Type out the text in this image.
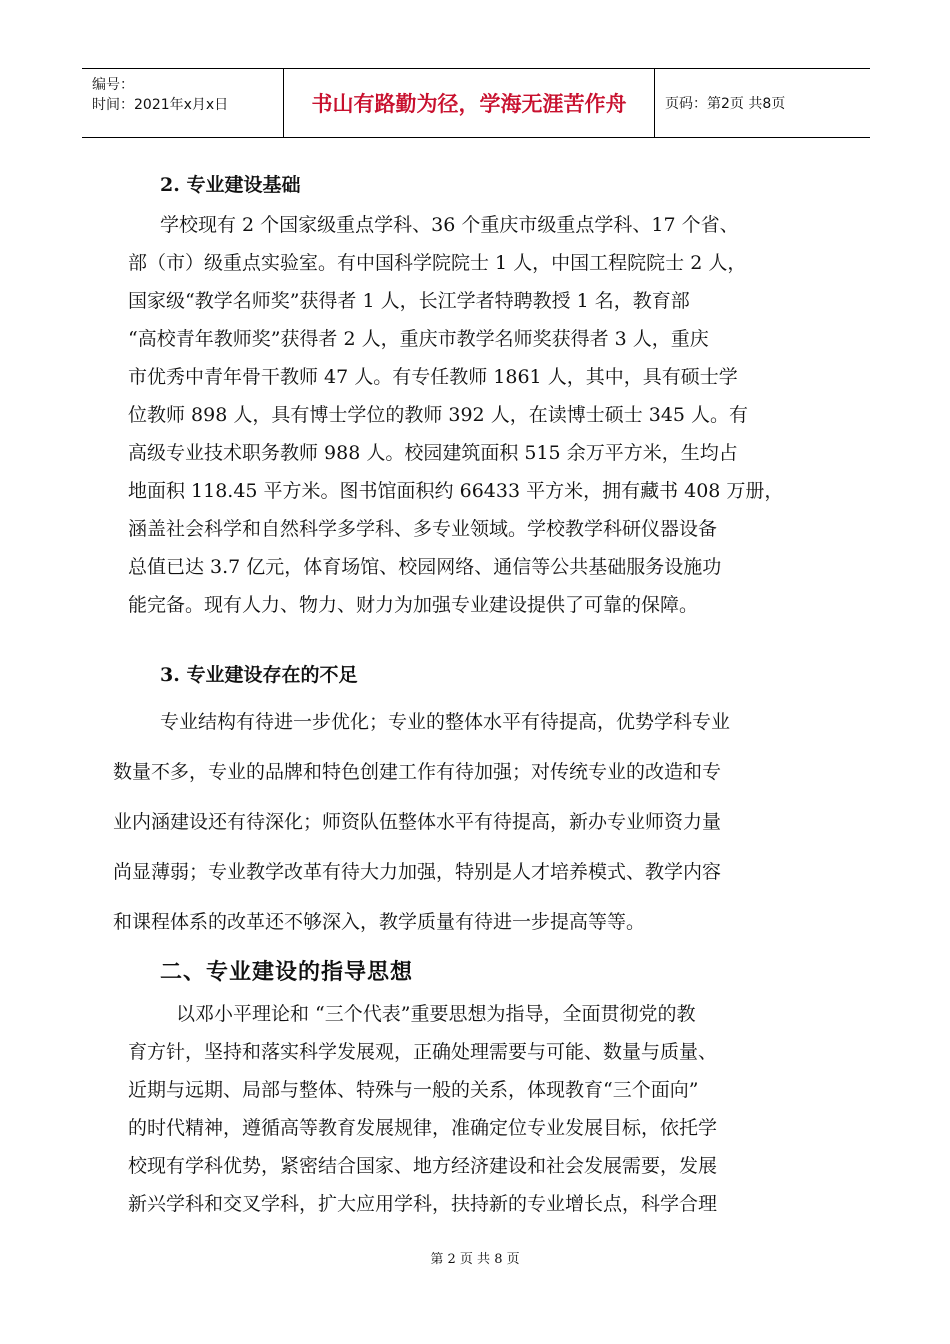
编号：
时间：2021年x月x日	书山有路勤为径，学海无涯苦作舟	页码：第2页 共8页
2. 专业建设基础
学校现有 2 个国家级重点学科、36 个重庆市级重点学科、17 个省、
部（市）级重点实验室。有中国科学院院士 1 人，中国工程院院士 2 人，
国家级“教学名师奖”获得者 1 人，长江学者特聘教授 1 名，教育部
“高校青年教师奖”获得者 2 人，重庆市教学名师奖获得者 3 人，重庆
市优秀中青年骨干教师 47 人。有专任教师 1861 人，其中，具有硕士学
位教师 898 人，具有博士学位的教师 392 人，在读博士硕士 345 人。有
高级专业技术职务教师 988 人。校园建筑面积 515 余万平方米，生均占
地面积 118.45 平方米。图书馆面积约 66433 平方米，拥有藏书 408 万册，
涵盖社会科学和自然科学多学科、多专业领域。学校教学科研仪器设备
总值已达 3.7 亿元，体育场馆、校园网络、通信等公共基础服务设施功
能完备。现有人力、物力、财力为加强专业建设提供了可靠的保障。
3. 专业建设存在的不足
专业结构有待进一步优化；专业的整体水平有待提高，优势学科专业
数量不多，专业的品牌和特色创建工作有待加强；对传统专业的改造和专
业内涵建设还有待深化；师资队伍整体水平有待提高，新办专业师资力量
尚显薄弱；专业教学改革有待大力加强，特别是人才培养模式、教学内容
和课程体系的改革还不够深入，教学质量有待进一步提高等等。
二、专业建设的指导思想
以邓小平理论和 “三个代表”重要思想为指导，全面贯彻党的教
育方针，坚持和落实科学发展观，正确处理需要与可能、数量与质量、
近期与远期、局部与整体、特殊与一般的关系，体现教育“三个面向”
的时代精神，遵循高等教育发展规律，准确定位专业发展目标，依托学
校现有学科优势，紧密结合国家、地方经济建设和社会发展需要，发展
新兴学科和交叉学科，扩大应用学科，扶持新的专业增长点，科学合理
第 2 页 共 8 页
